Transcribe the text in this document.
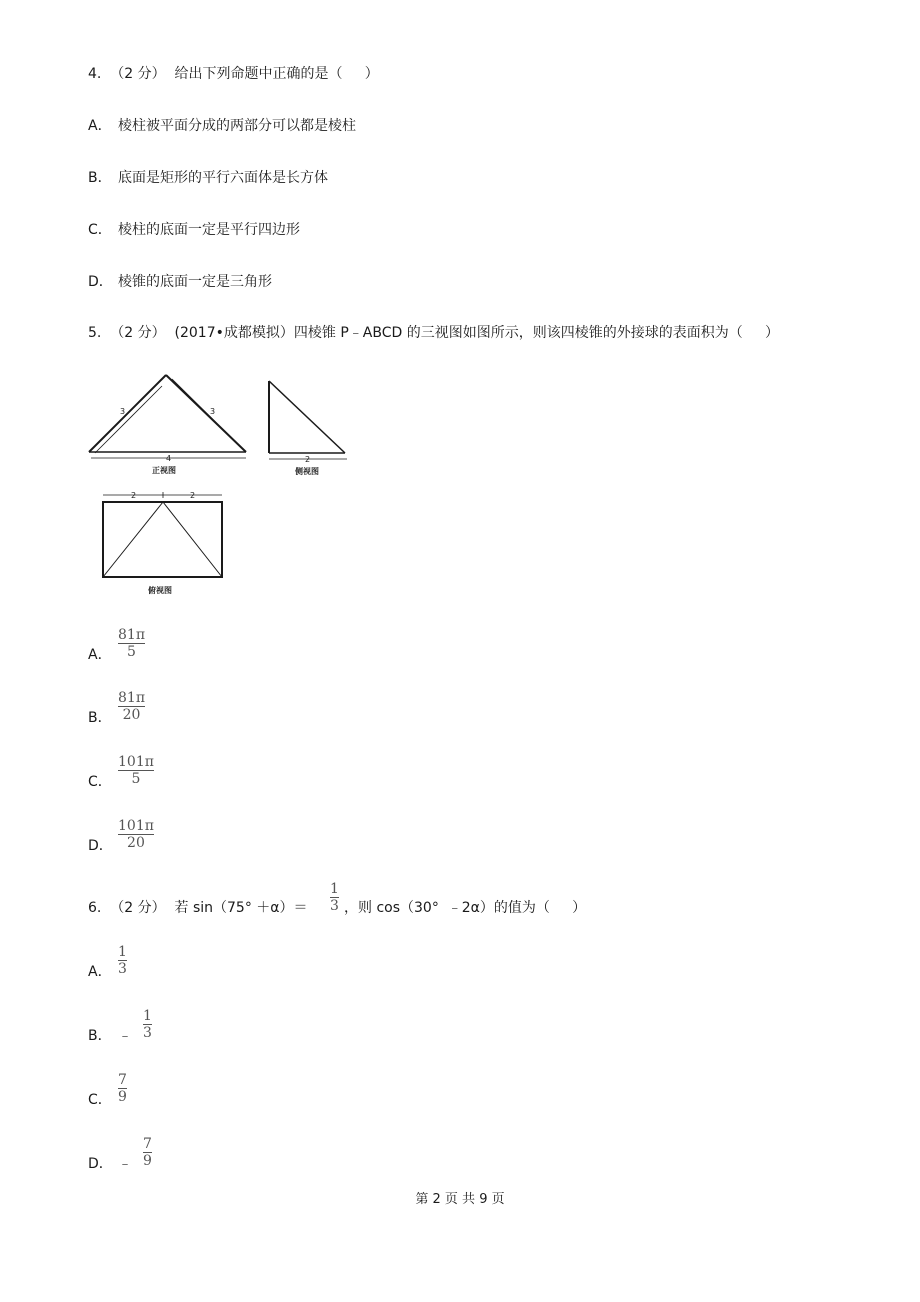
4.  （2 分）  给出下列命题中正确的是（     ）
A． 棱柱被平面分成的两部分可以都是棱柱
B． 底面是矩形的平行六面体是长方体
C． 棱柱的底面一定是平行四边形
D． 棱锥的底面一定是三角形
5.  （2 分）  (2017•成都模拟）四棱锥 P﹣ABCD 的三视图如图所示，则该四棱锥的外接球的表面积为（     ）
3	3
4
正视图
2
侧视图
2	2
俯视图
A．
81π
5
B．
81π
20
C．
101π
5
D．
101π
20
6.  （2 分）  若 sin（75° ＋α）＝
1
3 ，则 cos（30°  ﹣2α）的值为（     ）
A．
1
3
B． ﹣
1
3
C．
7
9
D． ﹣
7
9
第 2 页 共 9 页
